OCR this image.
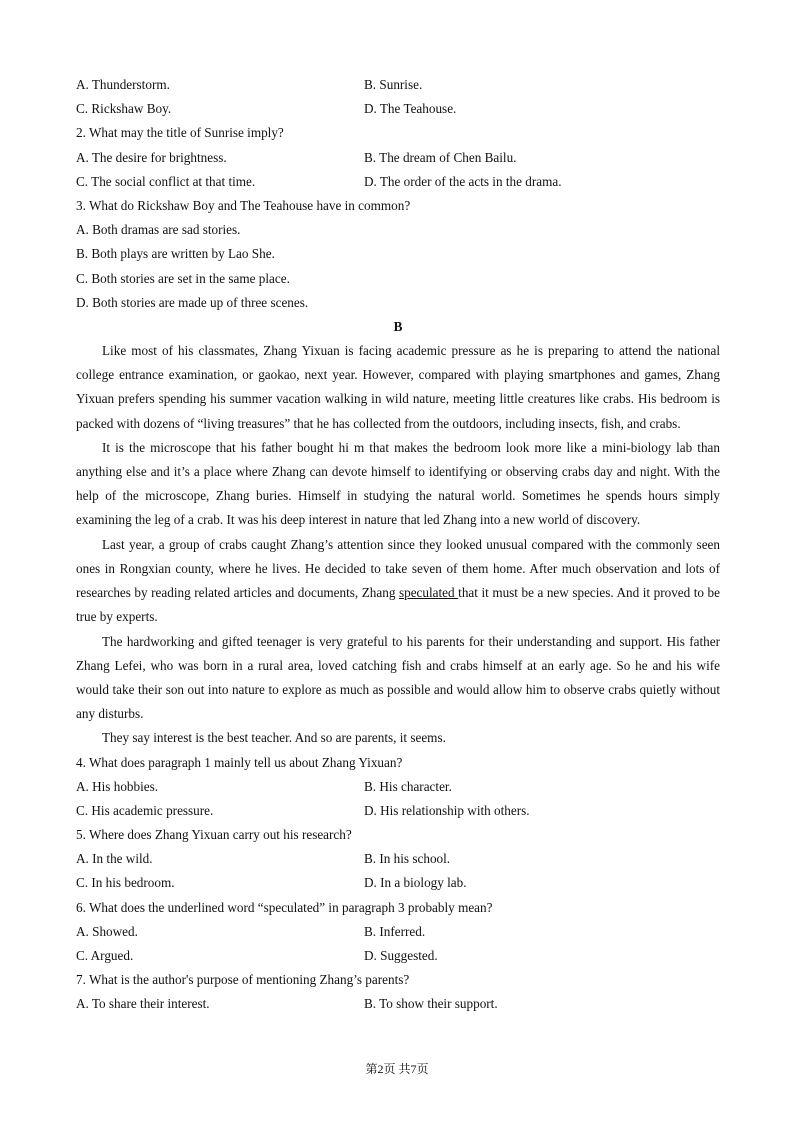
A. Thunderstorm.	B. Sunrise.
C. Rickshaw Boy.	D. The Teahouse.
2. What may the title of Sunrise imply?
A. The desire for brightness.	B. The dream of Chen Bailu.
C. The social conflict at that time.	D. The order of the acts in the drama.
3. What do Rickshaw Boy and The Teahouse have in common?
A. Both dramas are sad stories.
B. Both plays are written by Lao She.
C. Both stories are set in the same place.
D. Both stories are made up of three scenes.
B

Like most of his classmates, Zhang Yixuan is facing academic pressure as he is preparing to attend the national college entrance examination, or gaokao, next year. However, compared with playing smartphones and games, Zhang Yixuan prefers spending his summer vacation walking in wild nature, meeting little creatures like crabs. His bedroom is packed with dozens of “living treasures” that he has collected from the outdoors, including insects, fish, and crabs.

It is the microscope that his father bought hi m that makes the bedroom look more like a mini-biology lab than anything else and it’s a place where Zhang can devote himself to identifying or observing crabs day and night. With the help of the microscope, Zhang buries. Himself in studying the natural world. Sometimes he spends hours simply examining the leg of a crab. It was his deep interest in nature that led Zhang into a new world of discovery.

Last year, a group of crabs caught Zhang’s attention since they looked unusual compared with the commonly seen ones in Rongxian county, where he lives. He decided to take seven of them home. After much observation and lots of researches by reading related articles and documents, Zhang speculated that it must be a new species. And it proved to be true by experts.

The hardworking and gifted teenager is very grateful to his parents for their understanding and support. His father Zhang Lefei, who was born in a rural area, loved catching fish and crabs himself at an early age. So he and his wife would take their son out into nature to explore as much as possible and would allow him to observe crabs quietly without any disturbs.

They say interest is the best teacher. And so are parents, it seems.

4. What does paragraph 1 mainly tell us about Zhang Yixuan?
A. His hobbies.	B. His character.
C. His academic pressure.	D. His relationship with others.
5. Where does Zhang Yixuan carry out his research?
A. In the wild.	B. In his school.
C. In his bedroom.	D. In a biology lab.
6. What does the underlined word “speculated” in paragraph 3 probably mean?
A. Showed.	B. Inferred.
C. Argued.	D. Suggested.
7. What is the author's purpose of mentioning Zhang’s parents?
A. To share their interest.	B. To show their support.
第2页 共7页
